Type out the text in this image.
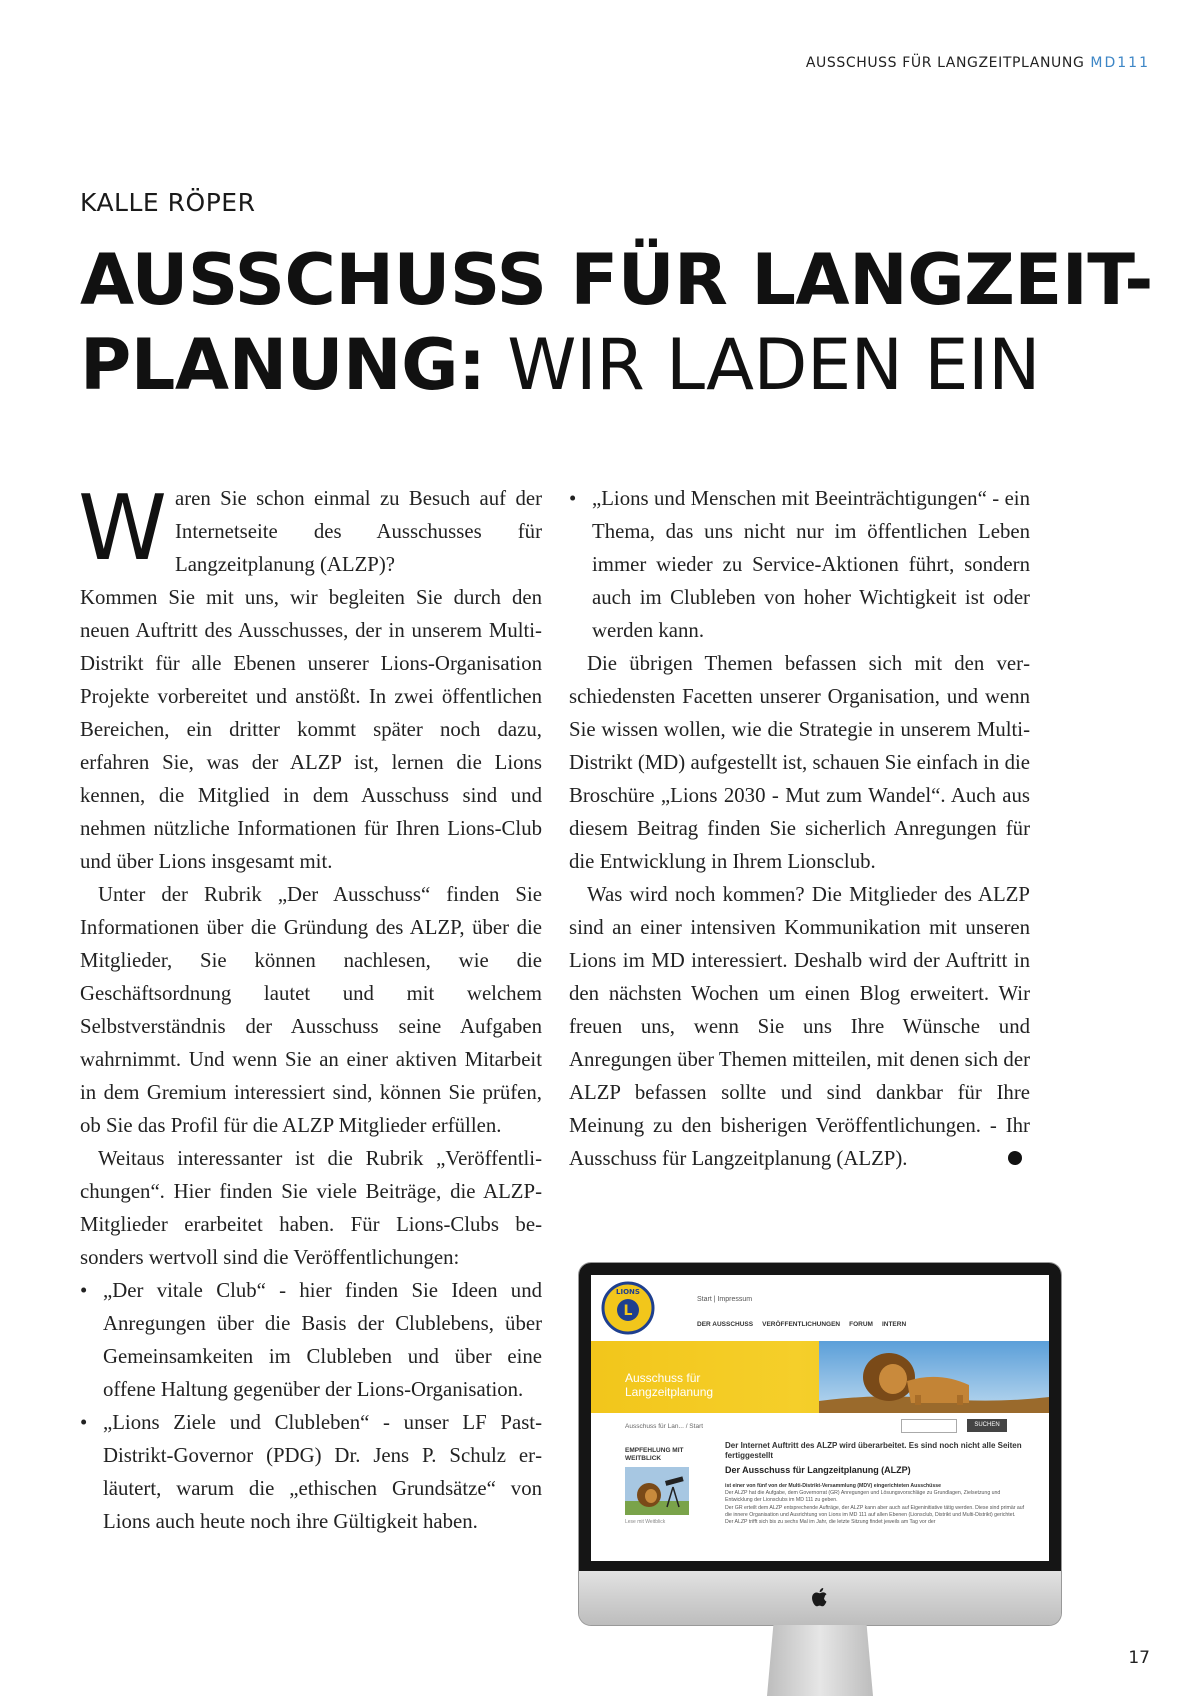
AUSSCHUSS FÜR LANGZEITPLANUNG MD111
KALLE RÖPER
AUSSCHUSS FÜR LANGZEIT-
PLANUNG: WIR LADEN EIN

Waren Sie schon einmal zu Besuch auf der Internetseite des Ausschusses für Langzeitplanung (ALZP)?

Kommen Sie mit uns, wir begleiten Sie durch den neuen Auftritt des Ausschusses, der in unserem Multi-Distrikt für alle Ebenen unserer Lions-Organisation Projekte vorbereitet und anstößt. In zwei öffentlichen Bereichen, ein dritter kommt später noch dazu, erfahren Sie, was der ALZP ist, lernen die Lions kennen, die Mitglied in dem Ausschuss sind und nehmen nützliche Informationen für Ihren Lions-Club und über Lions insgesamt mit.

Unter der Rubrik „Der Ausschuss“ finden Sie Informationen über die Gründung des ALZP, über die Mitglieder, Sie können nachlesen, wie die Geschäftsordnung lautet und mit welchem Selbstverständnis der Ausschuss seine Aufgaben wahrnimmt. Und wenn Sie an einer aktiven Mitarbeit in dem Gremium interessiert sind, können Sie prüfen, ob Sie das Profil für die ALZP Mitglieder erfüllen.

Weitaus interessanter ist die Rubrik „Veröffentlichungen“. Hier finden Sie viele Beiträge, die ALZP-Mitglieder erarbeitet haben. Für Lions-Clubs besonders wertvoll sind die Veröffentlichungen:

• „Der vitale Club“ - hier finden Sie Ideen und Anregungen über die Basis der Clublebens, über Gemeinsamkeiten im Clubleben und über eine offene Haltung gegenüber der Lions-Organisation.
• „Lions Ziele und Clubleben“ - unser LF Past-Distrikt-Governor (PDG) Dr. Jens P. Schulz erläutert, warum die „ethischen Grundsätze“ von Lions auch heute noch ihre Gültigkeit haben.
• „Lions und Menschen mit Beeinträchtigungen“ - ein Thema, das uns nicht nur im öffentlichen Leben immer wieder zu Service-Aktionen führt, sondern auch im Clubleben von hoher Wichtigkeit ist oder werden kann.

Die übrigen Themen befassen sich mit den verschiedensten Facetten unserer Organisation, und wenn Sie wissen wollen, wie die Strategie in unserem Multi-Distrikt (MD) aufgestellt ist, schauen Sie einfach in die Broschüre „Lions 2030 - Mut zum Wandel“. Auch aus diesem Beitrag finden Sie sicherlich Anregungen für die Entwicklung in Ihrem Lionsclub.

Was wird noch kommen? Die Mitglieder des ALZP sind an einer intensiven Kommunikation mit unseren Lions im MD interessiert. Deshalb wird der Auftritt in den nächsten Wochen um einen Blog erweitert. Wir freuen uns, wenn Sie uns Ihre Wünsche und Anregungen über Themen mitteilen, mit denen sich der ALZP befassen sollte und sind dankbar für Ihre Meinung zu den bisherigen Veröffentlichungen. - Ihr Ausschuss für Langzeitplanung (ALZP).	L

L
LIONS
Start | Impressum
DER AUSSCHUSS VERÖFFENTLICHUNGEN FORUM INTERN
Ausschuss für Langzeitplanung
Ausschuss für Lan... / Start	SUCHEN
EMPFEHLUNG MIT WEITBLICK
Lese mit Weitblick
Der Internet Auftritt des ALZP wird überarbeitet. Es sind noch nicht alle Seiten fertiggestellt
Der Ausschuss für Langzeitplanung (ALZP)
ist einer von fünf von der Multi-Distrikt-Versammlung (MDV) eingerichteten Ausschüsse
Der ALZP hat die Aufgabe, dem Governorrat (GR) Anregungen und Lösungsvorschläge zu Grundlagen, Zielsetzung und Entwicklung der Lionsclubs im MD 111 zu geben.
Der GR erteilt dem ALZP entsprechende Aufträge, der ALZP kann aber auch auf Eigeninitiative tätig werden. Diese sind primär auf die innere Organisation und Ausrichtung von Lions im MD 111 auf allen Ebenen (Lionsclub, Distrikt und Multi-Distrikt) gerichtet.
Der ALZP trifft sich bis zu sechs Mal im Jahr, die letzte Sitzung findet jeweils am Tag vor der
17
